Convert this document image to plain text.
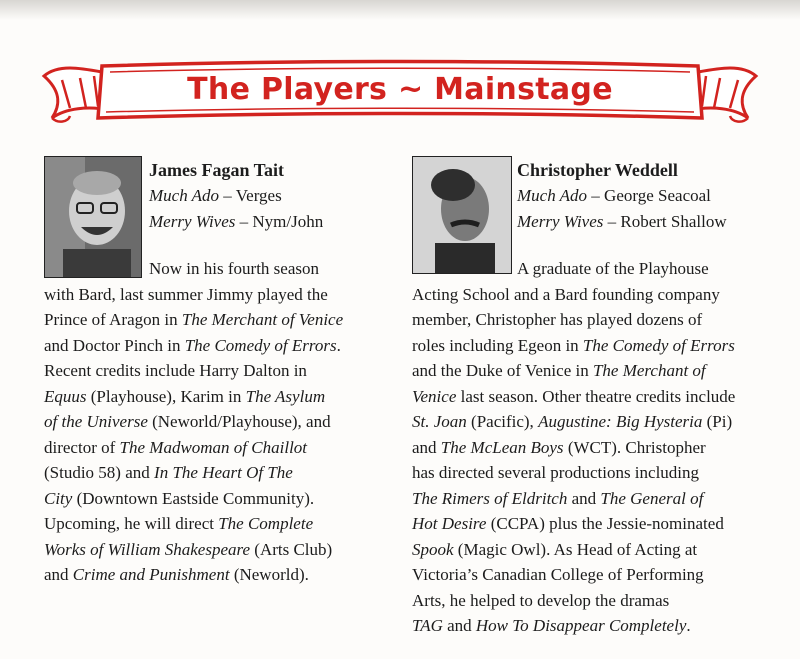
The Players ~ Mainstage
James Fagan Tait
Much Ado – Verges
Merry Wives – Nym/John
Now in his fourth season
with Bard, last summer Jimmy played the
Prince of Aragon in The Merchant of Venice
and Doctor Pinch in The Comedy of Errors.
Recent credits include Harry Dalton in
Equus (Playhouse), Karim in The Asylum
of the Universe (Neworld/Playhouse), and
director of The Madwoman of Chaillot
(Studio 58) and In The Heart Of The
City (Downtown Eastside Community).
Upcoming, he will direct The Complete
Works of William Shakespeare (Arts Club)
and Crime and Punishment (Neworld).
Christopher Weddell
Much Ado – George Seacoal
Merry Wives – Robert Shallow
A graduate of the Playhouse
Acting School and a Bard founding company
member, Christopher has played dozens of
roles including Egeon in The Comedy of Errors
and the Duke of Venice in The Merchant of
Venice last season. Other theatre credits include
St. Joan (Pacific), Augustine: Big Hysteria (Pi)
and The McLean Boys (WCT). Christopher
has directed several productions including
The Rimers of Eldritch and The General of
Hot Desire (CCPA) plus the Jessie-nominated
Spook (Magic Owl). As Head of Acting at
Victoria’s Canadian College of Performing
Arts, he helped to develop the dramas
TAG and How To Disappear Completely.
